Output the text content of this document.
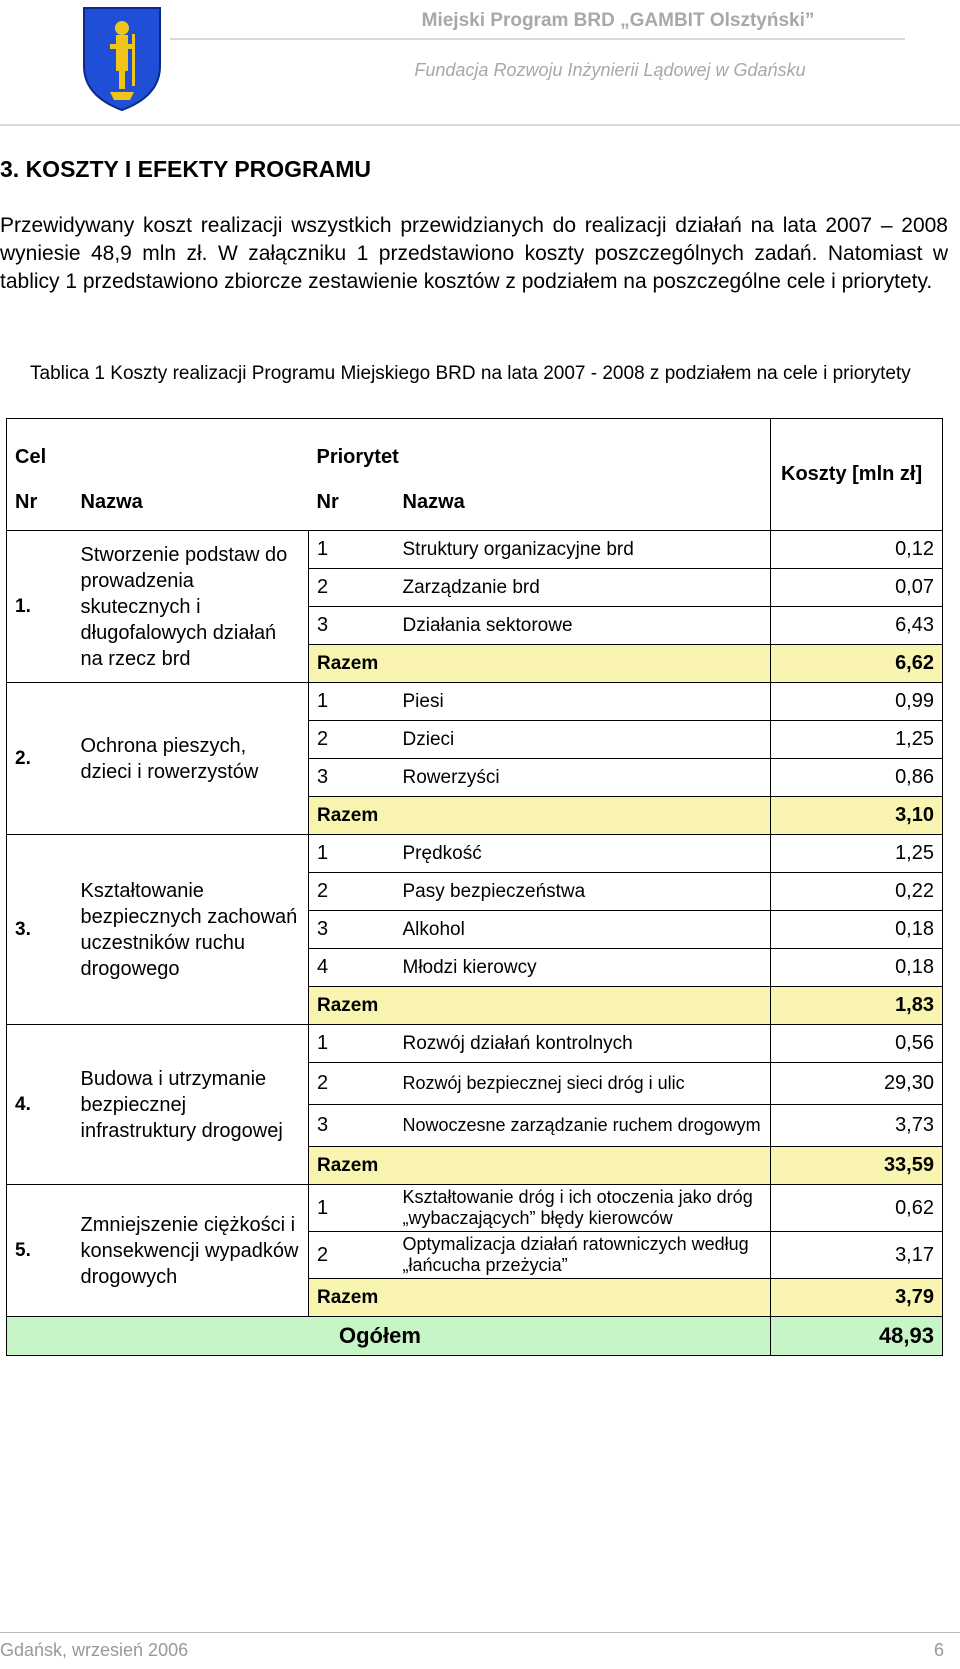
Miejski Program BRD „GAMBIT Olsztyński”
Fundacja Rozwoju Inżynierii Lądowej w Gdańsku
3. KOSZTY I EFEKTY PROGRAMU
Przewidywany koszt realizacji wszystkich przewidzianych do realizacji działań na lata 2007 – 2008 wyniesie 48,9 mln zł. W załączniku 1 przedstawiono koszty poszczególnych zadań. Natomiast w tablicy 1 przedstawiono zbiorcze zestawienie kosztów z podziałem na poszczególne cele i priorytety.
Tablica 1 Koszty realizacji Programu Miejskiego BRD na lata 2007 - 2008 z podziałem na cele i priorytety
Cel		Priorytet		Koszty [mln zł]
Nr	Nazwa	Nr	Nazwa	
1.	Stworzenie podstaw do prowadzenia skutecznych i długofalowych działań na rzecz brd	1	Struktury organizacyjne brd	0,12
		2	Zarządzanie brd	0,07
		3	Działania sektorowe	6,43
		Razem		6,62
2.	Ochrona pieszych, dzieci i rowerzystów	1	Piesi	0,99
		2	Dzieci	1,25
		3	Rowerzyści	0,86
		Razem		3,10
3.	Kształtowanie bezpiecznych zachowań uczestników ruchu drogowego	1	Prędkość	1,25
		2	Pasy bezpieczeństwa	0,22
		3	Alkohol	0,18
		4	Młodzi kierowcy	0,18
		Razem		1,83
4.	Budowa i utrzymanie bezpiecznej infrastruktury drogowej	1	Rozwój działań kontrolnych	0,56
		2	Rozwój bezpiecznej sieci dróg i ulic	29,30
		3	Nowoczesne zarządzanie ruchem drogowym	3,73
		Razem		33,59
5.	Zmniejszenie ciężkości i konsekwencji wypadków drogowych	1	Kształtowanie dróg i ich otoczenia jako dróg „wybaczających” błędy kierowców	0,62
		2	Optymalizacja działań ratowniczych według „łańcucha przeżycia”	3,17
		Razem		3,79
Ogółem				48,93
Gdańsk, wrzesień 2006	6
